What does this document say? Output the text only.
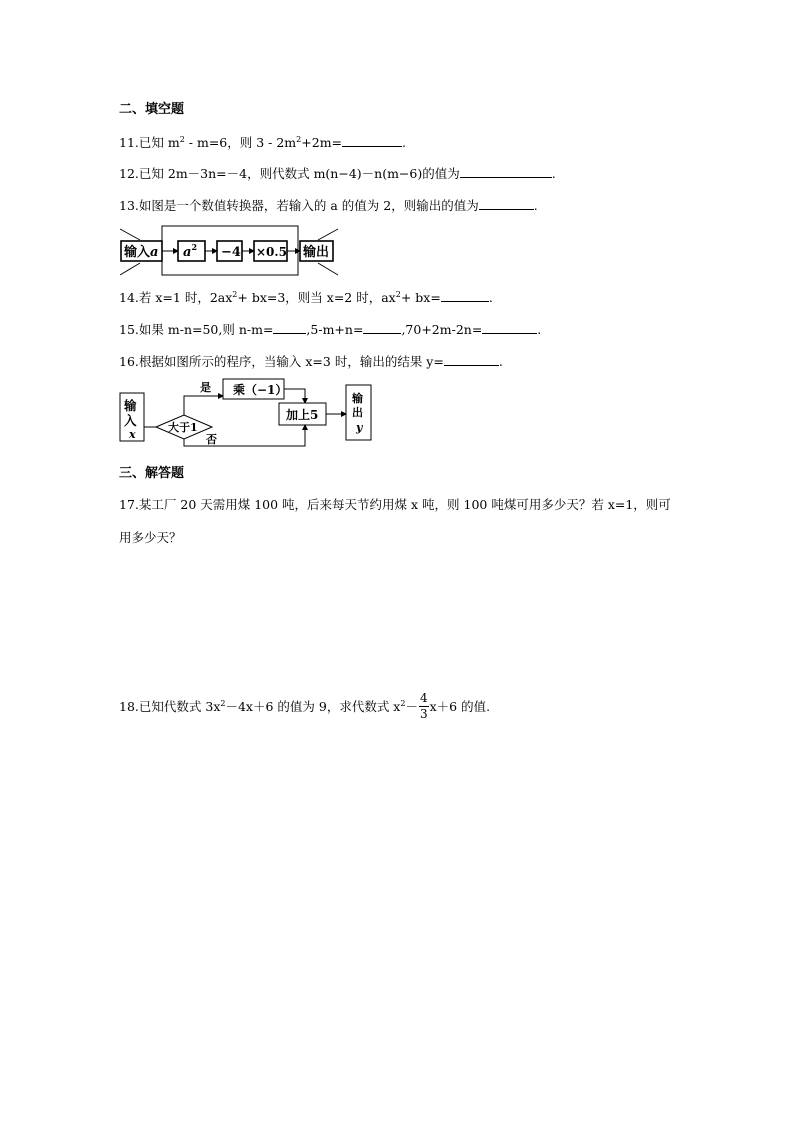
二、填空题
11.已知 $m^2 - m=6$，则 $3 - 2m^2+2m=$	.
12.已知 2m－3n=－4，则代数式 m(n−4)－n(m−6)的值为	.
13.如图是一个数值转换器，若输入的 a 的值为 2，则输出的值为	.
输入a $a^2 -4 \times 0.5$ 输出
14.若 x=1 时，$2ax^2+ bx=3$，则当 x=2 时，$ax^2+ bx=$	.
15.如果 m-n=50,则 n-m=	,5-m+n=	,70+2m-2n=	.
16.根据如图所示的程序，当输入 x=3 时，输出的结果 y=	.
输
入
x
大于1
是 乘（−1）
加上5
否
输
出
y
三、解答题
17.某工厂 20 天需用煤 100 吨，后来每天节约用煤 x 吨，则 100 吨煤可用多少天？若 x=1，则可
用多少天？
18.已知代数式 $3x^2-4x+6$ 的值为 9，求代数式 $x^2- \frac{4}{3} x+6$ 的值.
